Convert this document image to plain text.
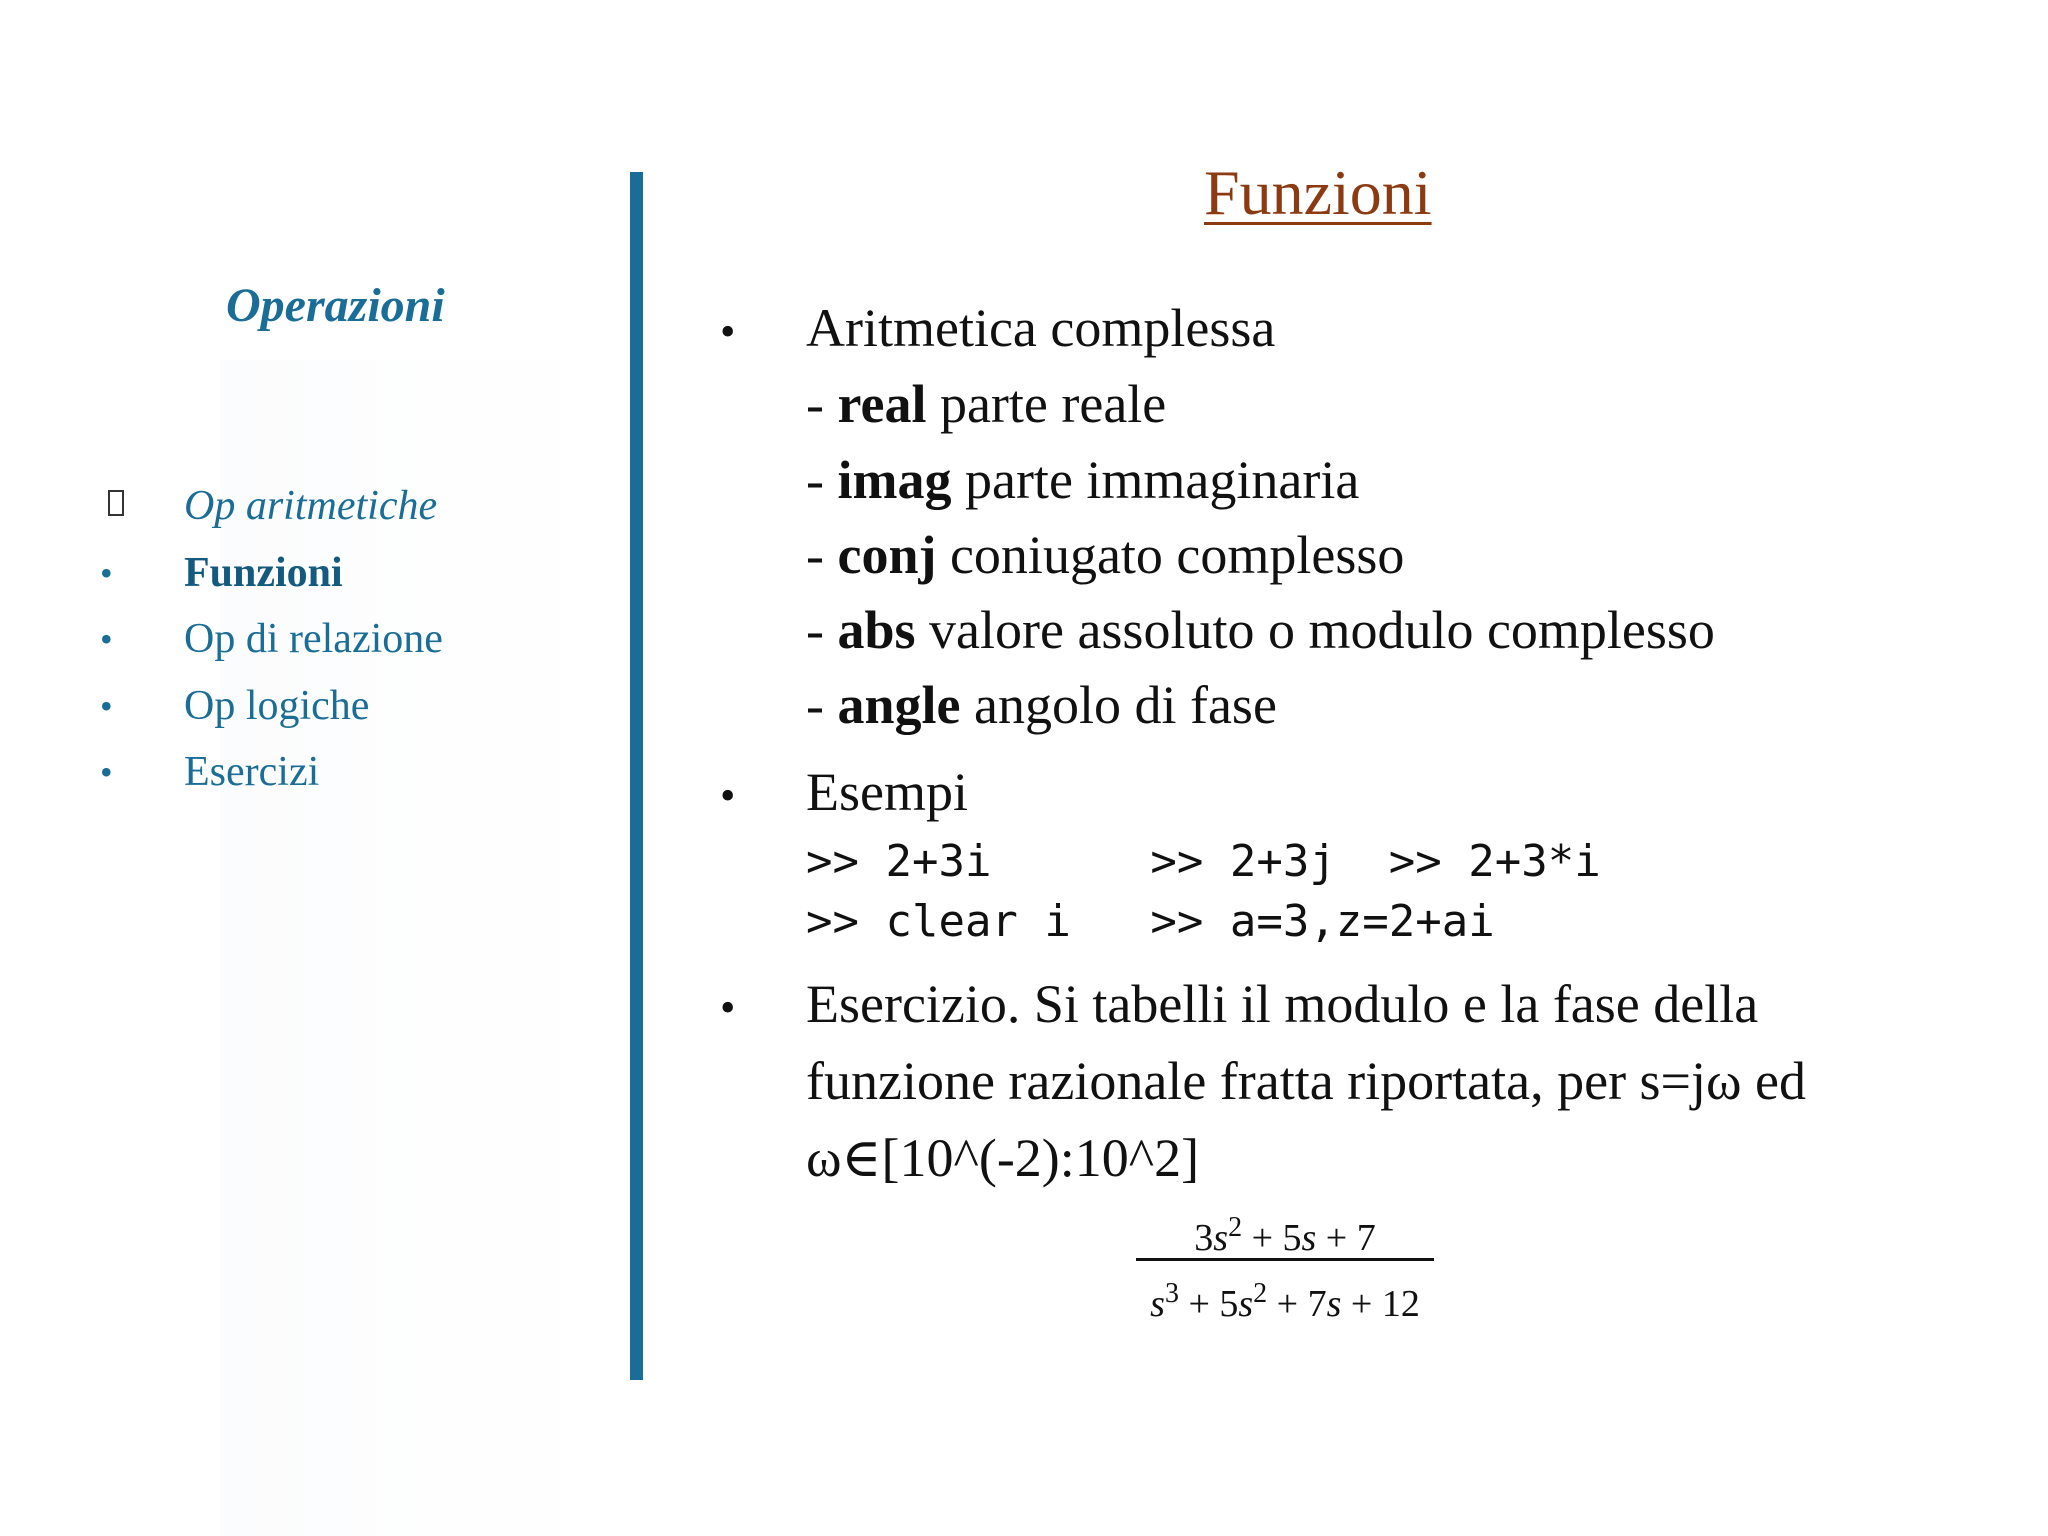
Operazioni
Op aritmetiche
•	Funzioni
•	Op di relazione
•	Op logiche
•	Esercizi
Funzioni
• Aritmetica complessa
- real parte reale
- imag parte immaginaria
- conj coniugato complesso
- abs valore assoluto o modulo complesso
- angle angolo di fase
• Esempi
>> 2+3i      >> 2+3j  >> 2+3*i
>> clear i   >> a=3,z=2+ai
• Esercizio. Si tabelli il modulo e la fase della
funzione razionale fratta riportata, per s=jω ed
ω∈[10^(-2):10^2]
$3s^2 + 5s + 7$
$s^3 + 5s^2 + 7s + 12$
